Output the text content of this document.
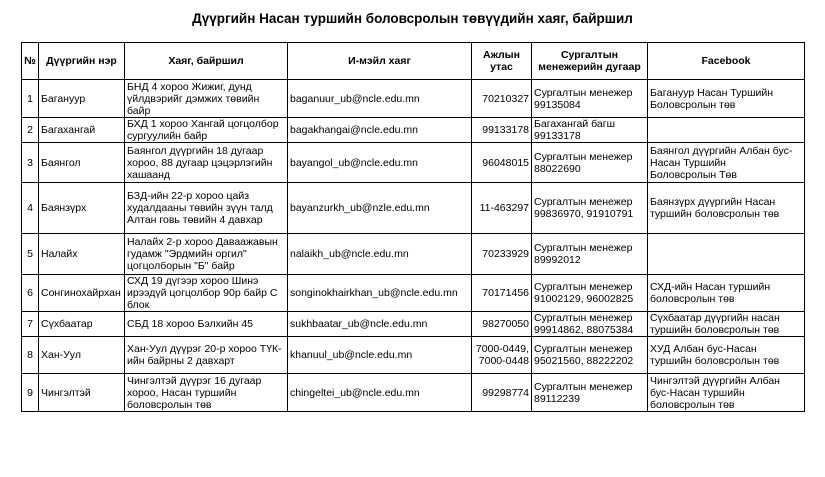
Дүүргийн Насан туршийн боловсролын төвүүдийн хаяг, байршил
№	Дүүргийн нэр	Хаяг, байршил	И-мэйл хаяг	Ажлын утас	Сургалтын менежерийн дугаар	Facebook
1	Багануур	БНД 4 хороо Жижиг, дунд
үйлдвэрийг дэмжих төвийн
байр	baganuur_ub@ncle.edu.mn	70210327	Сургалтын менежер
99135084	Багануур Насан Туршийн
Боловсролын төв
2	Багахангай	БХД 1 хороо Хангай цогцолбор
сургуулийн байр	bagakhangai@ncle.edu.mn	99133178	Багахангай багш
99133178	
3	Баянгол	Баянгол дүүргийн 18 дугаар
хороо, 88 дугаар цэцэрлэгийн
хашаанд	bayangol_ub@ncle.edu.mn	96048015	Сургалтын менежер
88022690	Баянгол дүүргийн Албан бус-
Насан Туршийн
Боловсролын Төв
4	Баянзүрх	БЗД-ийн 22-р хороо цайз
худалдааны төвийн зүүн талд
Алтан говь төвийн 4 давхар	bayanzurkh_ub@nzle.edu.mn	11-463297	Сургалтын менежер
99836970, 91910791	Баянзүрх дүүргийн Насан
туршийн боловсролын төв
5	Налайх	Налайх 2-р хороо Даваажавын
гудамж "Эрдмийн оргил"
цогцолборын "Б" байр	nalaikh_ub@ncle.edu.mn	70233929	Сургалтын менежер
89992012	
6	Сонгинохайрхан	СХД 19 дүгээр хороо Шинэ
ирээдүй цогцолбор 90р байр С
блок	songinokhairkhan_ub@ncle.edu.mn	70171456	Сургалтын менежер
91002129, 96002825	СХД-ийн Насан туршийн
боловсролын төв
7	Сүхбаатар	СБД 18 хороо Бэлхийн 45	sukhbaatar_ub@ncle.edu.mn	98270050	Сургалтын менежер
99914862, 88075384	Сүхбаатар дүүргийн насан
туршийн боловсролын төв
8	Хан-Уул	Хан-Уул дүүрэг 20-р хороо ТҮК-
ийн байрны 2 давхарт	khanuul_ub@ncle.edu.mn	7000-0449,
7000-0448	Сургалтын менежер
95021560, 88222202	ХУД Албан бус-Насан
туршийн боловсролын төв
9	Чингэлтэй	Чингэлтэй дүүрэг 16 дугаар
хороо, Насан туршийн
боловсролын төв	chingeltei_ub@ncle.edu.mn	99298774	Сургалтын менежер
89112239	Чингэлтэй дүүргийн Албан
бус-Насан туршийн
боловсролын төв
